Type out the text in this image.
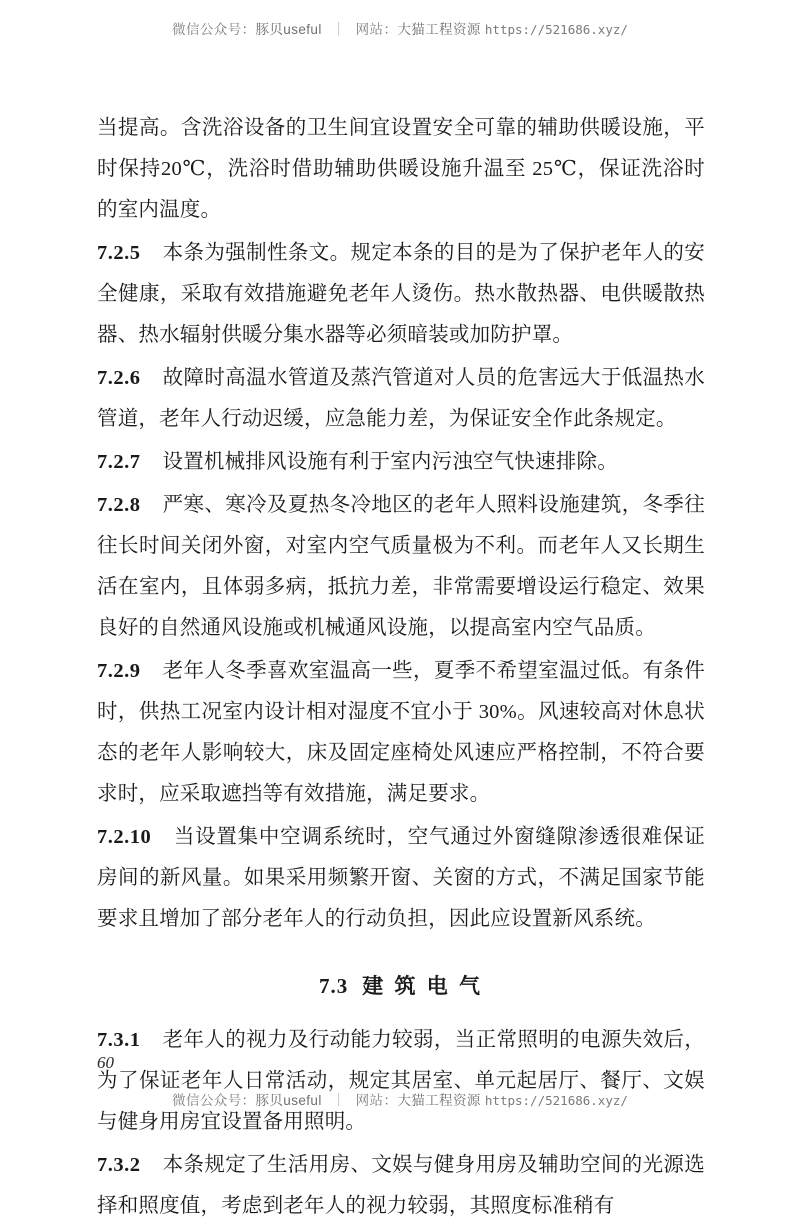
微信公众号：豚贝useful ｜ 网站：大猫工程资源 https://521686.xyz/

当提高。含洗浴设备的卫生间宜设置安全可靠的辅助供暖设施，平时保持20℃，洗浴时借助辅助供暖设施升温至 25℃，保证洗浴时的室内温度。

7.2.5 本条为强制性条文。规定本条的目的是为了保护老年人的安全健康，采取有效措施避免老年人烫伤。热水散热器、电供暖散热器、热水辐射供暖分集水器等必须暗装或加防护罩。

7.2.6 故障时高温水管道及蒸汽管道对人员的危害远大于低温热水管道，老年人行动迟缓，应急能力差，为保证安全作此条规定。

7.2.7 设置机械排风设施有利于室内污浊空气快速排除。

7.2.8 严寒、寒冷及夏热冬冷地区的老年人照料设施建筑，冬季往往长时间关闭外窗，对室内空气质量极为不利。而老年人又长期生活在室内，且体弱多病，抵抗力差，非常需要增设运行稳定、效果良好的自然通风设施或机械通风设施，以提高室内空气品质。

7.2.9 老年人冬季喜欢室温高一些，夏季不希望室温过低。有条件时，供热工况室内设计相对湿度不宜小于 30%。风速较高对休息状态的老年人影响较大，床及固定座椅处风速应严格控制，不符合要求时，应采取遮挡等有效措施，满足要求。

7.2.10 当设置集中空调系统时，空气通过外窗缝隙渗透很难保证房间的新风量。如果采用频繁开窗、关窗的方式，不满足国家节能要求且增加了部分老年人的行动负担，因此应设置新风系统。

7.3 建 筑 电 气

7.3.1 老年人的视力及行动能力较弱，当正常照明的电源失效后，为了保证老年人日常活动，规定其居室、单元起居厅、餐厅、文娱与健身用房宜设置备用照明。

7.3.2 本条规定了生活用房、文娱与健身用房及辅助空间的光源选择和照度值，考虑到老年人的视力较弱，其照度标准稍有

60
微信公众号：豚贝useful ｜ 网站：大猫工程资源 https://521686.xyz/
